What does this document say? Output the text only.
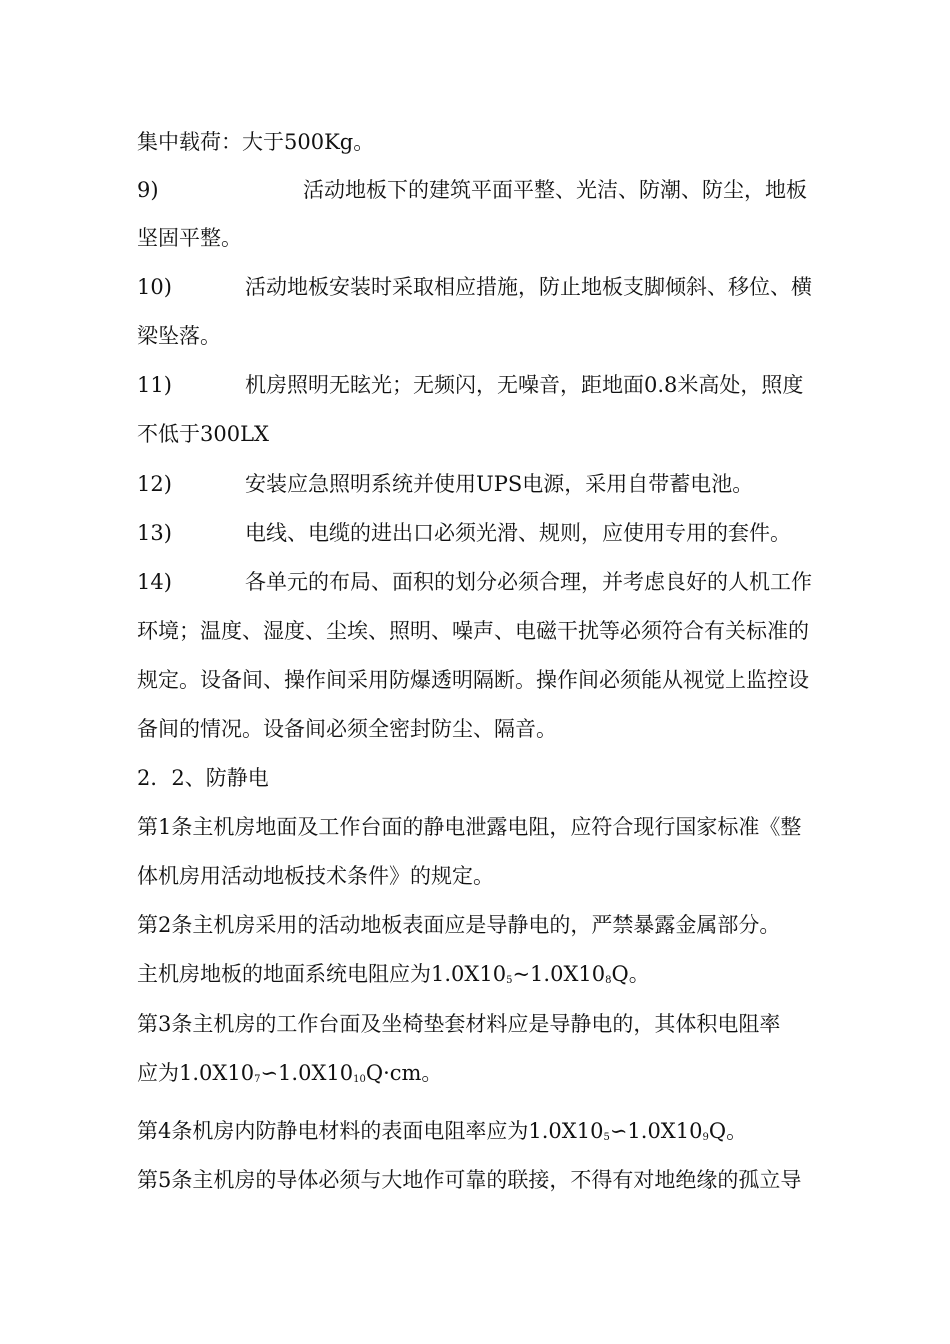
集中载荷：大于500Kg。
9)	活动地板下的建筑平面平整、光洁、防潮、防尘，地板
坚固平整。
10)	活动地板安装时采取相应措施，防止地板支脚倾斜、移位、横
梁坠落。
11)	机房照明无眩光；无频闪，无噪音，距地面0.8米高处，照度
不低于300LX
12)	安装应急照明系统并使用UPS电源，采用自带蓄电池。
13)	电线、电缆的进出口必须光滑、规则，应使用专用的套件。
14)	各单元的布局、面积的划分必须合理，并考虑良好的人机工作
环境；温度、湿度、尘埃、照明、噪声、电磁干扰等必须符合有关标准的
规定。设备间、操作间采用防爆透明隔断。操作间必须能从视觉上监控设
备间的情况。设备间必须全密封防尘、隔音。
2．2、防静电
第1条主机房地面及工作台面的静电泄露电阻，应符合现行国家标准《整
体机房用活动地板技术条件》的规定。
第2条主机房采用的活动地板表面应是导静电的，严禁暴露金属部分。
主机房地板的地面系统电阻应为$1.0X10_5\sim 1.0X10_8Q$。
第3条主机房的工作台面及坐椅垫套材料应是导静电的，其体积电阻率
应为$1.0X10_7∽1.0X10_{10}Q\cdot cm$。
第4条机房内防静电材料的表面电阻率应为$1.0X10_5∽1.0X10_9Q$。
第5条主机房的导体必须与大地作可靠的联接，不得有对地绝缘的孤立导
